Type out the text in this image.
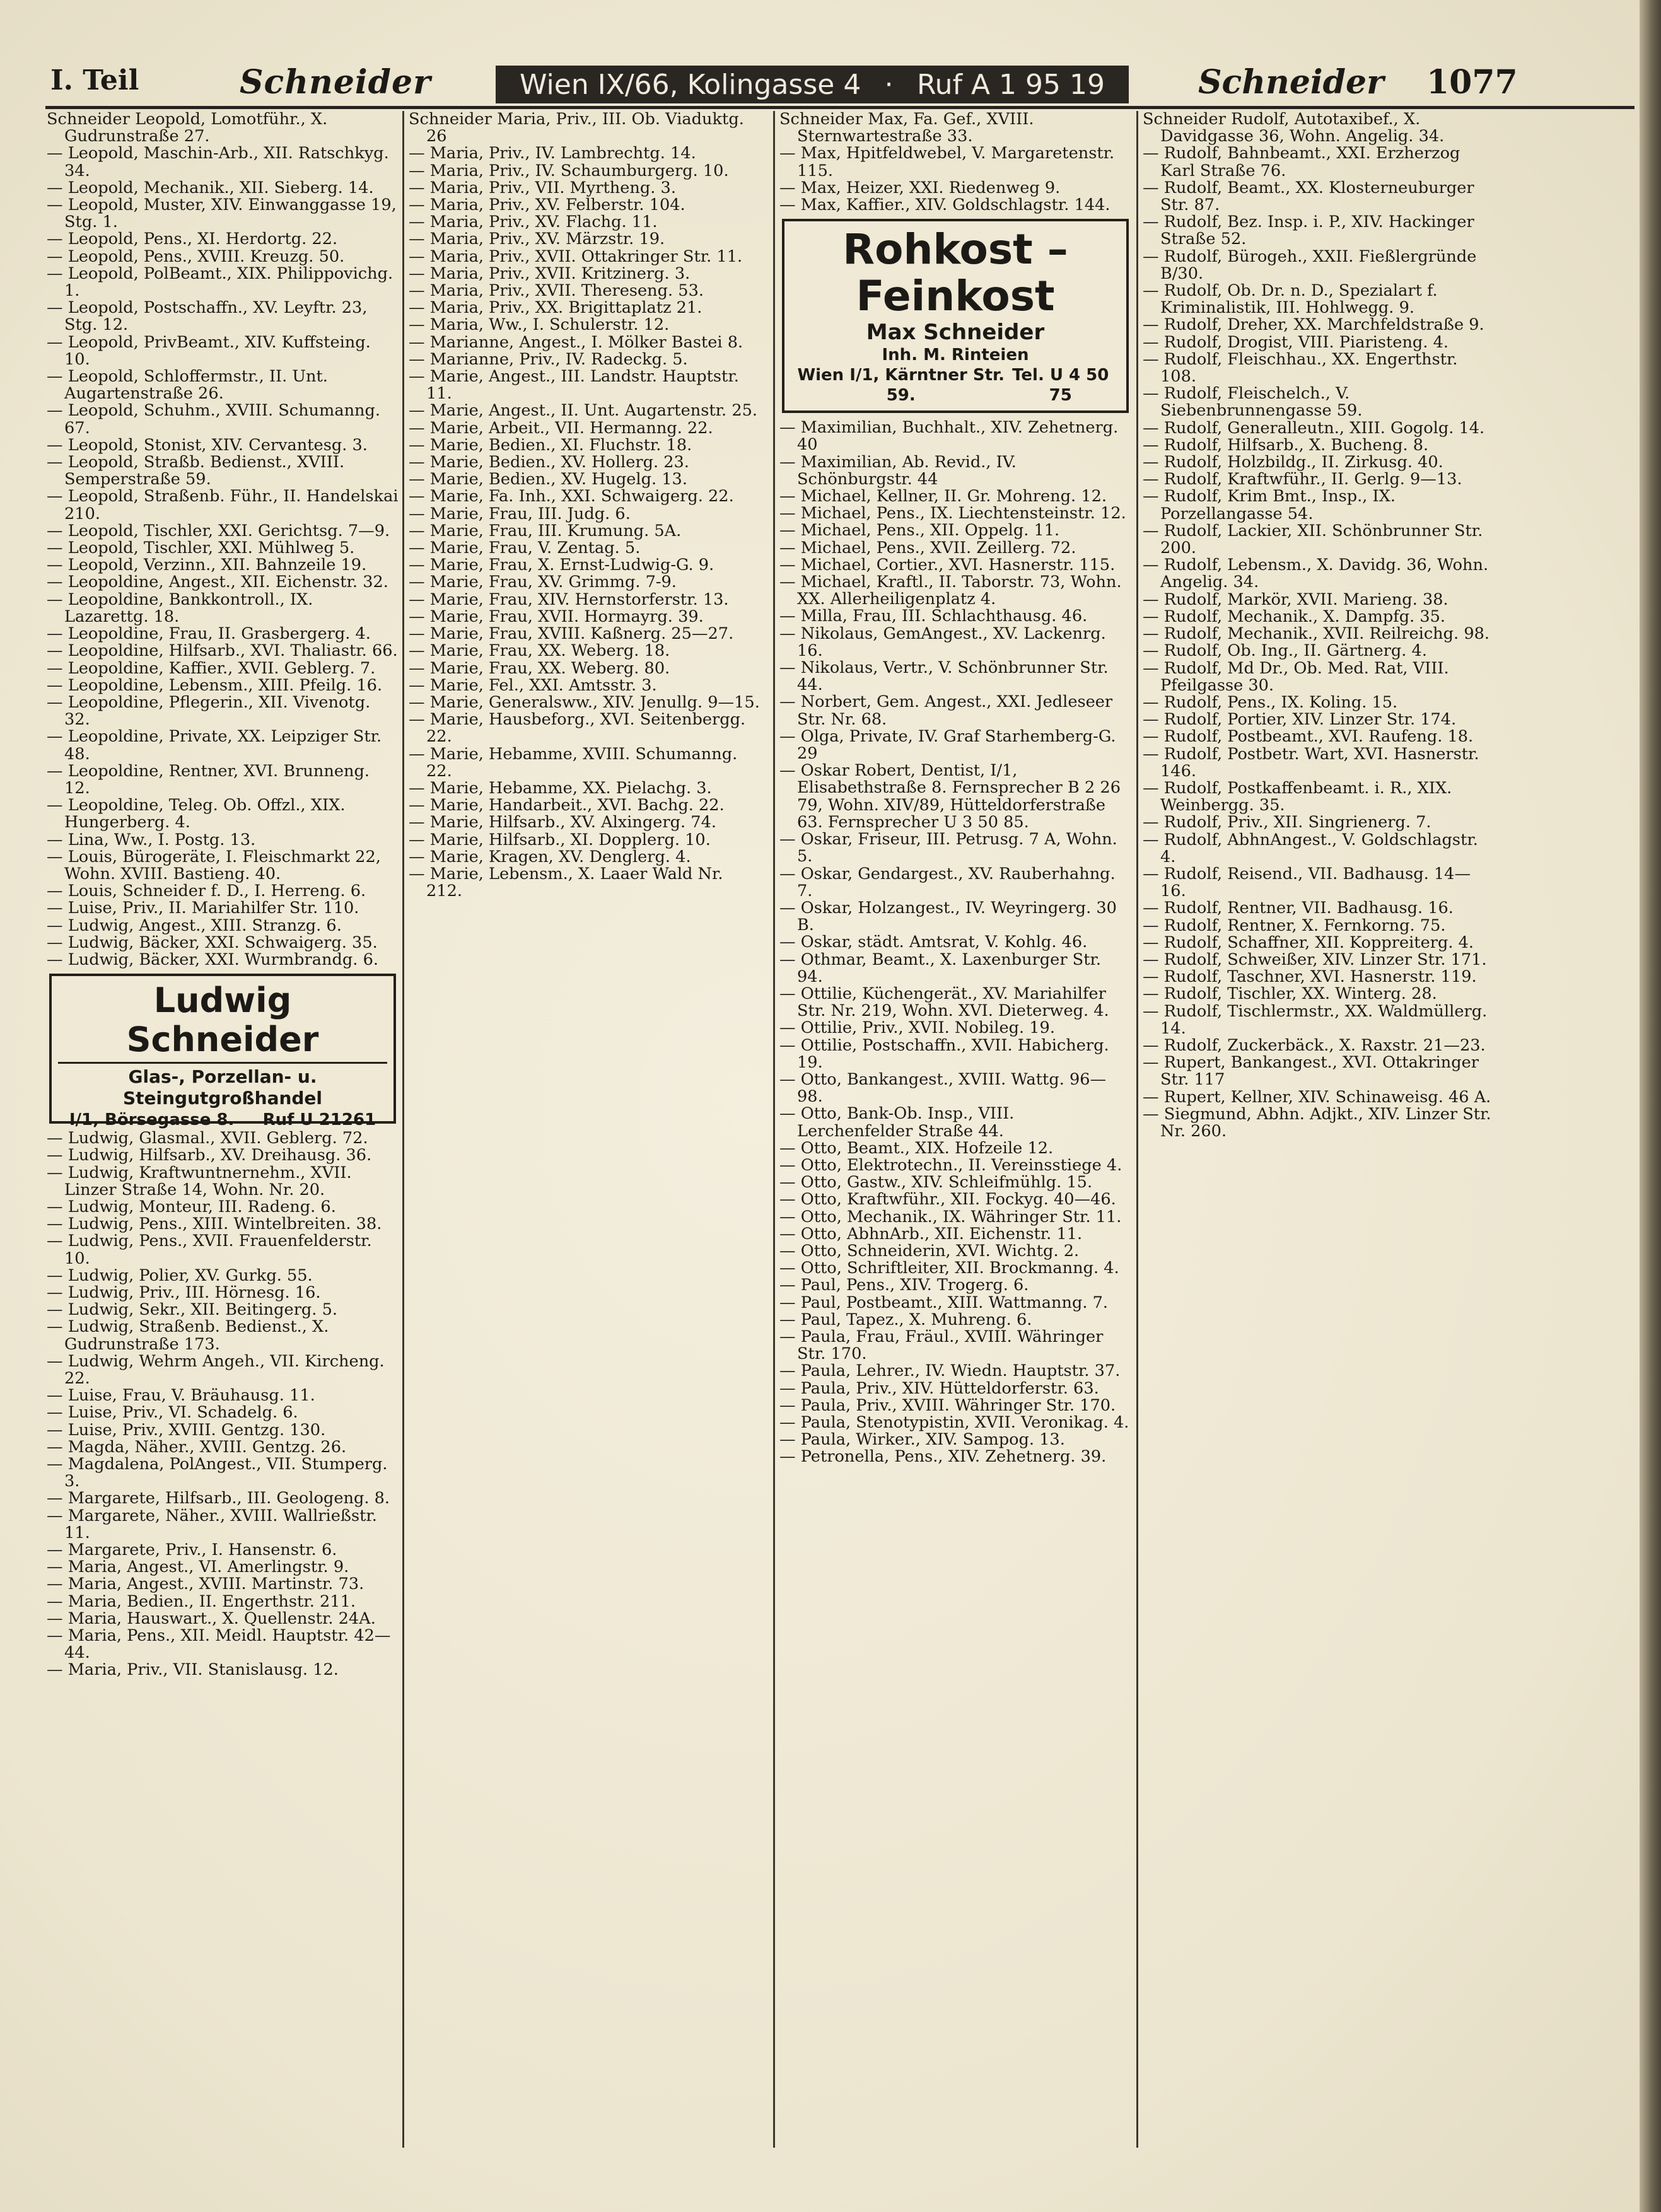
I. Teil	Schneider	Wien IX/66, Kolingasse 4 · Ruf A 1 95 19	Schneider 1077

Schneider Leopold, Lomotführ., X. Gudrunstraße 27.

— Leopold, Maschin-Arb., XII. Ratschkyg. 34.

— Leopold, Mechanik., XII. Sieberg. 14.

— Leopold, Muster, XIV. Einwanggasse 19, Stg. 1.

— Leopold, Pens., XI. Herdortg. 22.

— Leopold, Pens., XVIII. Kreuzg. 50.

— Leopold, PolBeamt., XIX. Philippovichg. 1.

— Leopold, Postschaffn., XV. Leyftr. 23, Stg. 12.

— Leopold, PrivBeamt., XIV. Kuffsteing. 10.

— Leopold, Schloffermstr., II. Unt. Augartenstraße 26.

— Leopold, Schuhm., XVIII. Schumanng. 67.

— Leopold, Stonist, XIV. Cervantesg. 3.

— Leopold, Straßb. Bedienst., XVIII. Semperstraße 59.

— Leopold, Straßenb. Führ., II. Handelskai 210.

— Leopold, Tischler, XXI. Gerichtsg. 7—9.

— Leopold, Tischler, XXI. Mühlweg 5.

— Leopold, Verzinn., XII. Bahnzeile 19.

— Leopoldine, Angest., XII. Eichenstr. 32.

— Leopoldine, Bankkontroll., IX. Lazarettg. 18.

— Leopoldine, Frau, II. Grasbergerg. 4.

— Leopoldine, Hilfsarb., XVI. Thaliastr. 66.

— Leopoldine, Kaffier., XVII. Geblerg. 7.

— Leopoldine, Lebensm., XIII. Pfeilg. 16.

— Leopoldine, Pflegerin., XII. Vivenotg. 32.

— Leopoldine, Private, XX. Leipziger Str. 48.

— Leopoldine, Rentner, XVI. Brunneng. 12.

— Leopoldine, Teleg. Ob. Offzl., XIX. Hungerberg. 4.

— Lina, Ww., I. Postg. 13.

— Louis, Bürogeräte, I. Fleischmarkt 22, Wohn. XVIII. Bastieng. 40.

— Louis, Schneider f. D., I. Herreng. 6.

— Luise, Priv., II. Mariahilfer Str. 110.

— Ludwig, Angest., XIII. Stranzg. 6.

— Ludwig, Bäcker, XXI. Schwaigerg. 35.

— Ludwig, Bäcker, XXI. Wurmbrandg. 6.

Ludwig Schneider
Glas-, Porzellan- u. Steingutgroßhandel
I/1, Börsegasse 8. Ruf U 21261

— Ludwig, Glasmal., XVII. Geblerg. 72.

— Ludwig, Hilfsarb., XV. Dreihausg. 36.

— Ludwig, Kraftwuntnernehm., XVII. Linzer Straße 14, Wohn. Nr. 20.

— Ludwig, Monteur, III. Radeng. 6.

— Ludwig, Pens., XIII. Wintelbreiten. 38.

— Ludwig, Pens., XVII. Frauenfelderstr. 10.

— Ludwig, Polier, XV. Gurkg. 55.

— Ludwig, Priv., III. Hörnesg. 16.

— Ludwig, Sekr., XII. Beitingerg. 5.

— Ludwig, Straßenb. Bedienst., X. Gudrunstraße 173.

— Ludwig, Wehrm Angeh., VII. Kircheng. 22.

— Luise, Frau, V. Bräuhausg. 11.

— Luise, Priv., VI. Schadelg. 6.

— Luise, Priv., XVIII. Gentzg. 130.

— Magda, Näher., XVIII. Gentzg. 26.

— Magdalena, PolAngest., VII. Stumperg. 3.

— Margarete, Hilfsarb., III. Geologeng. 8.

— Margarete, Näher., XVIII. Wallrießstr. 11.

— Margarete, Priv., I. Hansenstr. 6.

— Maria, Angest., VI. Amerlingstr. 9.

— Maria, Angest., XVIII. Martinstr. 73.

— Maria, Bedien., II. Engerthstr. 211.

— Maria, Hauswart., X. Quellenstr. 24A.

— Maria, Pens., XII. Meidl. Hauptstr. 42—44.

— Maria, Priv., VII. Stanislausg. 12.

Schneider Maria, Priv., III. Ob. Viaduktg. 26

— Maria, Priv., IV. Lambrechtg. 14.

— Maria, Priv., IV. Schaumburgerg. 10.

— Maria, Priv., VII. Myrtheng. 3.

— Maria, Priv., XV. Felberstr. 104.

— Maria, Priv., XV. Flachg. 11.

— Maria, Priv., XV. Märzstr. 19.

— Maria, Priv., XVII. Ottakringer Str. 11.

— Maria, Priv., XVII. Kritzinerg. 3.

— Maria, Priv., XVII. Thereseng. 53.

— Maria, Priv., XX. Brigittaplatz 21.

— Maria, Ww., I. Schulerstr. 12.

— Marianne, Angest., I. Mölker Bastei 8.

— Marianne, Priv., IV. Radeckg. 5.

— Marie, Angest., III. Landstr. Hauptstr. 11.

— Marie, Angest., II. Unt. Augartenstr. 25.

— Marie, Arbeit., VII. Hermanng. 22.

— Marie, Bedien., XI. Fluchstr. 18.

— Marie, Bedien., XV. Hollerg. 23.

— Marie, Bedien., XV. Hugelg. 13.

— Marie, Fa. Inh., XXI. Schwaigerg. 22.

— Marie, Frau, III. Judg. 6.

— Marie, Frau, III. Krumung. 5A.

— Marie, Frau, V. Zentag. 5.

— Marie, Frau, X. Ernst-Ludwig-G. 9.

— Marie, Frau, XV. Grimmg. 7-9.

— Marie, Frau, XIV. Hernstorferstr. 13.

— Marie, Frau, XVII. Hormayrg. 39.

— Marie, Frau, XVIII. Kaßnerg. 25—27.

— Marie, Frau, XX. Weberg. 18.

— Marie, Frau, XX. Weberg. 80.

— Marie, Fel., XXI. Amtsstr. 3.

— Marie, Generalsww., XIV. Jenullg. 9—15.

— Marie, Hausbeforg., XVI. Seitenbergg. 22.

— Marie, Hebamme, XVIII. Schumanng. 22.

— Marie, Hebamme, XX. Pielachg. 3.

— Marie, Handarbeit., XVI. Bachg. 22.

— Marie, Hilfsarb., XV. Alxingerg. 74.

— Marie, Hilfsarb., XI. Dopplerg. 10.

— Marie, Kragen, XV. Denglerg. 4.

— Marie, Lebensm., X. Laaer Wald Nr. 212.

Schneider Max, Fa. Gef., XVIII. Sternwartestraße 33.

— Max, Hpitfeldwebel, V. Margaretenstr. 115.

— Max, Heizer, XXI. Riedenweg 9.

— Max, Kaffier., XIV. Goldschlagstr. 144.

Rohkost – Feinkost
Max Schneider
Inh. M. Rinteien
Wien I/1, Kärntner Str. 59.
Tel. U 4 50 75

— Maximilian, Buchhalt., XIV. Zehetnerg. 40

— Maximilian, Ab. Revid., IV. Schönburgstr. 44

— Michael, Kellner, II. Gr. Mohreng. 12.

— Michael, Pens., IX. Liechtensteinstr. 12.

— Michael, Pens., XII. Oppelg. 11.

— Michael, Pens., XVII. Zeillerg. 72.

— Michael, Cortier., XVI. Hasnerstr. 115.

— Michael, Kraftl., II. Taborstr. 73, Wohn. XX. Allerheiligenplatz 4.

— Milla, Frau, III. Schlachthausg. 46.

— Nikolaus, GemAngest., XV. Lackenrg. 16.

— Nikolaus, Vertr., V. Schönbrunner Str. 44.

— Norbert, Gem. Angest., XXI. Jedleseer Str. Nr. 68.

— Olga, Private, IV. Graf Starhemberg-G. 29

— Oskar Robert, Dentist, I/1, Elisabethstraße 8. Fernsprecher B 2 26 79, Wohn. XIV/89, Hütteldorferstraße 63. Fernsprecher U 3 50 85.

— Oskar, Friseur, III. Petrusg. 7 A, Wohn. 5.

— Oskar, Gendargest., XV. Rauberhahng. 7.

— Oskar, Holzangest., IV. Weyringerg. 30 B.

— Oskar, städt. Amtsrat, V. Kohlg. 46.

— Othmar, Beamt., X. Laxenburger Str. 94.

— Ottilie, Küchengerät., XV. Mariahilfer Str. Nr. 219, Wohn. XVI. Dieterweg. 4.

— Ottilie, Priv., XVII. Nobileg. 19.

— Ottilie, Postschaffn., XVII. Habicherg. 19.

— Otto, Bankangest., XVIII. Wattg. 96—98.

— Otto, Bank-Ob. Insp., VIII. Lerchenfelder Straße 44.

— Otto, Beamt., XIX. Hofzeile 12.

— Otto, Elektrotechn., II. Vereinsstiege 4.

— Otto, Gastw., XIV. Schleifmühlg. 15.

— Otto, Kraftwführ., XII. Fockyg. 40—46.

— Otto, Mechanik., IX. Währinger Str. 11.

— Otto, AbhnArb., XII. Eichenstr. 11.

— Otto, Schneiderin, XVI. Wichtg. 2.

— Otto, Schriftleiter, XII. Brockmanng. 4.

— Paul, Pens., XIV. Trogerg. 6.

— Paul, Postbeamt., XIII. Wattmanng. 7.

— Paul, Tapez., X. Muhreng. 6.

— Paula, Frau, Fräul., XVIII. Währinger Str. 170.

— Paula, Lehrer., IV. Wiedn. Hauptstr. 37.

— Paula, Priv., XIV. Hütteldorferstr. 63.

— Paula, Priv., XVIII. Währinger Str. 170.

— Paula, Stenotypistin, XVII. Veronikag. 4.

— Paula, Wirker., XIV. Sampog. 13.

— Petronella, Pens., XIV. Zehetnerg. 39.

Schneider Rudolf, Autotaxibef., X. Davidgasse 36, Wohn. Angelig. 34.

— Rudolf, Bahnbeamt., XXI. Erzherzog Karl Straße 76.

— Rudolf, Beamt., XX. Klosterneuburger Str. 87.

— Rudolf, Bez. Insp. i. P., XIV. Hackinger Straße 52.

— Rudolf, Bürogeh., XXII. Fießlergründe B/30.

— Rudolf, Ob. Dr. n. D., Spezialart f. Kriminalistik, III. Hohlwegg. 9.

— Rudolf, Dreher, XX. Marchfeldstraße 9.

— Rudolf, Drogist, VIII. Piaristeng. 4.

— Rudolf, Fleischhau., XX. Engerthstr. 108.

— Rudolf, Fleischelch., V. Siebenbrunnengasse 59.

— Rudolf, Generalleutn., XIII. Gogolg. 14.

— Rudolf, Hilfsarb., X. Bucheng. 8.

— Rudolf, Holzbildg., II. Zirkusg. 40.

— Rudolf, Kraftwführ., II. Gerlg. 9—13.

— Rudolf, Krim Bmt., Insp., IX. Porzellangasse 54.

— Rudolf, Lackier, XII. Schönbrunner Str. 200.

— Rudolf, Lebensm., X. Davidg. 36, Wohn. Angelig. 34.

— Rudolf, Markör, XVII. Marieng. 38.

— Rudolf, Mechanik., X. Dampfg. 35.

— Rudolf, Mechanik., XVII. Reilreichg. 98.

— Rudolf, Ob. Ing., II. Gärtnerg. 4.

— Rudolf, Md Dr., Ob. Med. Rat, VIII. Pfeilgasse 30.

— Rudolf, Pens., IX. Koling. 15.

— Rudolf, Portier, XIV. Linzer Str. 174.

— Rudolf, Postbeamt., XVI. Raufeng. 18.

— Rudolf, Postbetr. Wart, XVI. Hasnerstr. 146.

— Rudolf, Postkaffenbeamt. i. R., XIX. Weinbergg. 35.

— Rudolf, Priv., XII. Singrienerg. 7.

— Rudolf, AbhnAngest., V. Goldschlagstr. 4.

— Rudolf, Reisend., VII. Badhausg. 14—16.

— Rudolf, Rentner, VII. Badhausg. 16.

— Rudolf, Rentner, X. Fernkorng. 75.

— Rudolf, Schaffner, XII. Koppreiterg. 4.

— Rudolf, Schweißer, XIV. Linzer Str. 171.

— Rudolf, Taschner, XVI. Hasnerstr. 119.

— Rudolf, Tischler, XX. Winterg. 28.

— Rudolf, Tischlermstr., XX. Waldmüllerg. 14.

— Rudolf, Zuckerbäck., X. Raxstr. 21—23.

— Rupert, Bankangest., XVI. Ottakringer Str. 117

— Rupert, Kellner, XIV. Schinaweisg. 46 A.

— Siegmund, Abhn. Adjkt., XIV. Linzer Str. Nr. 260.
